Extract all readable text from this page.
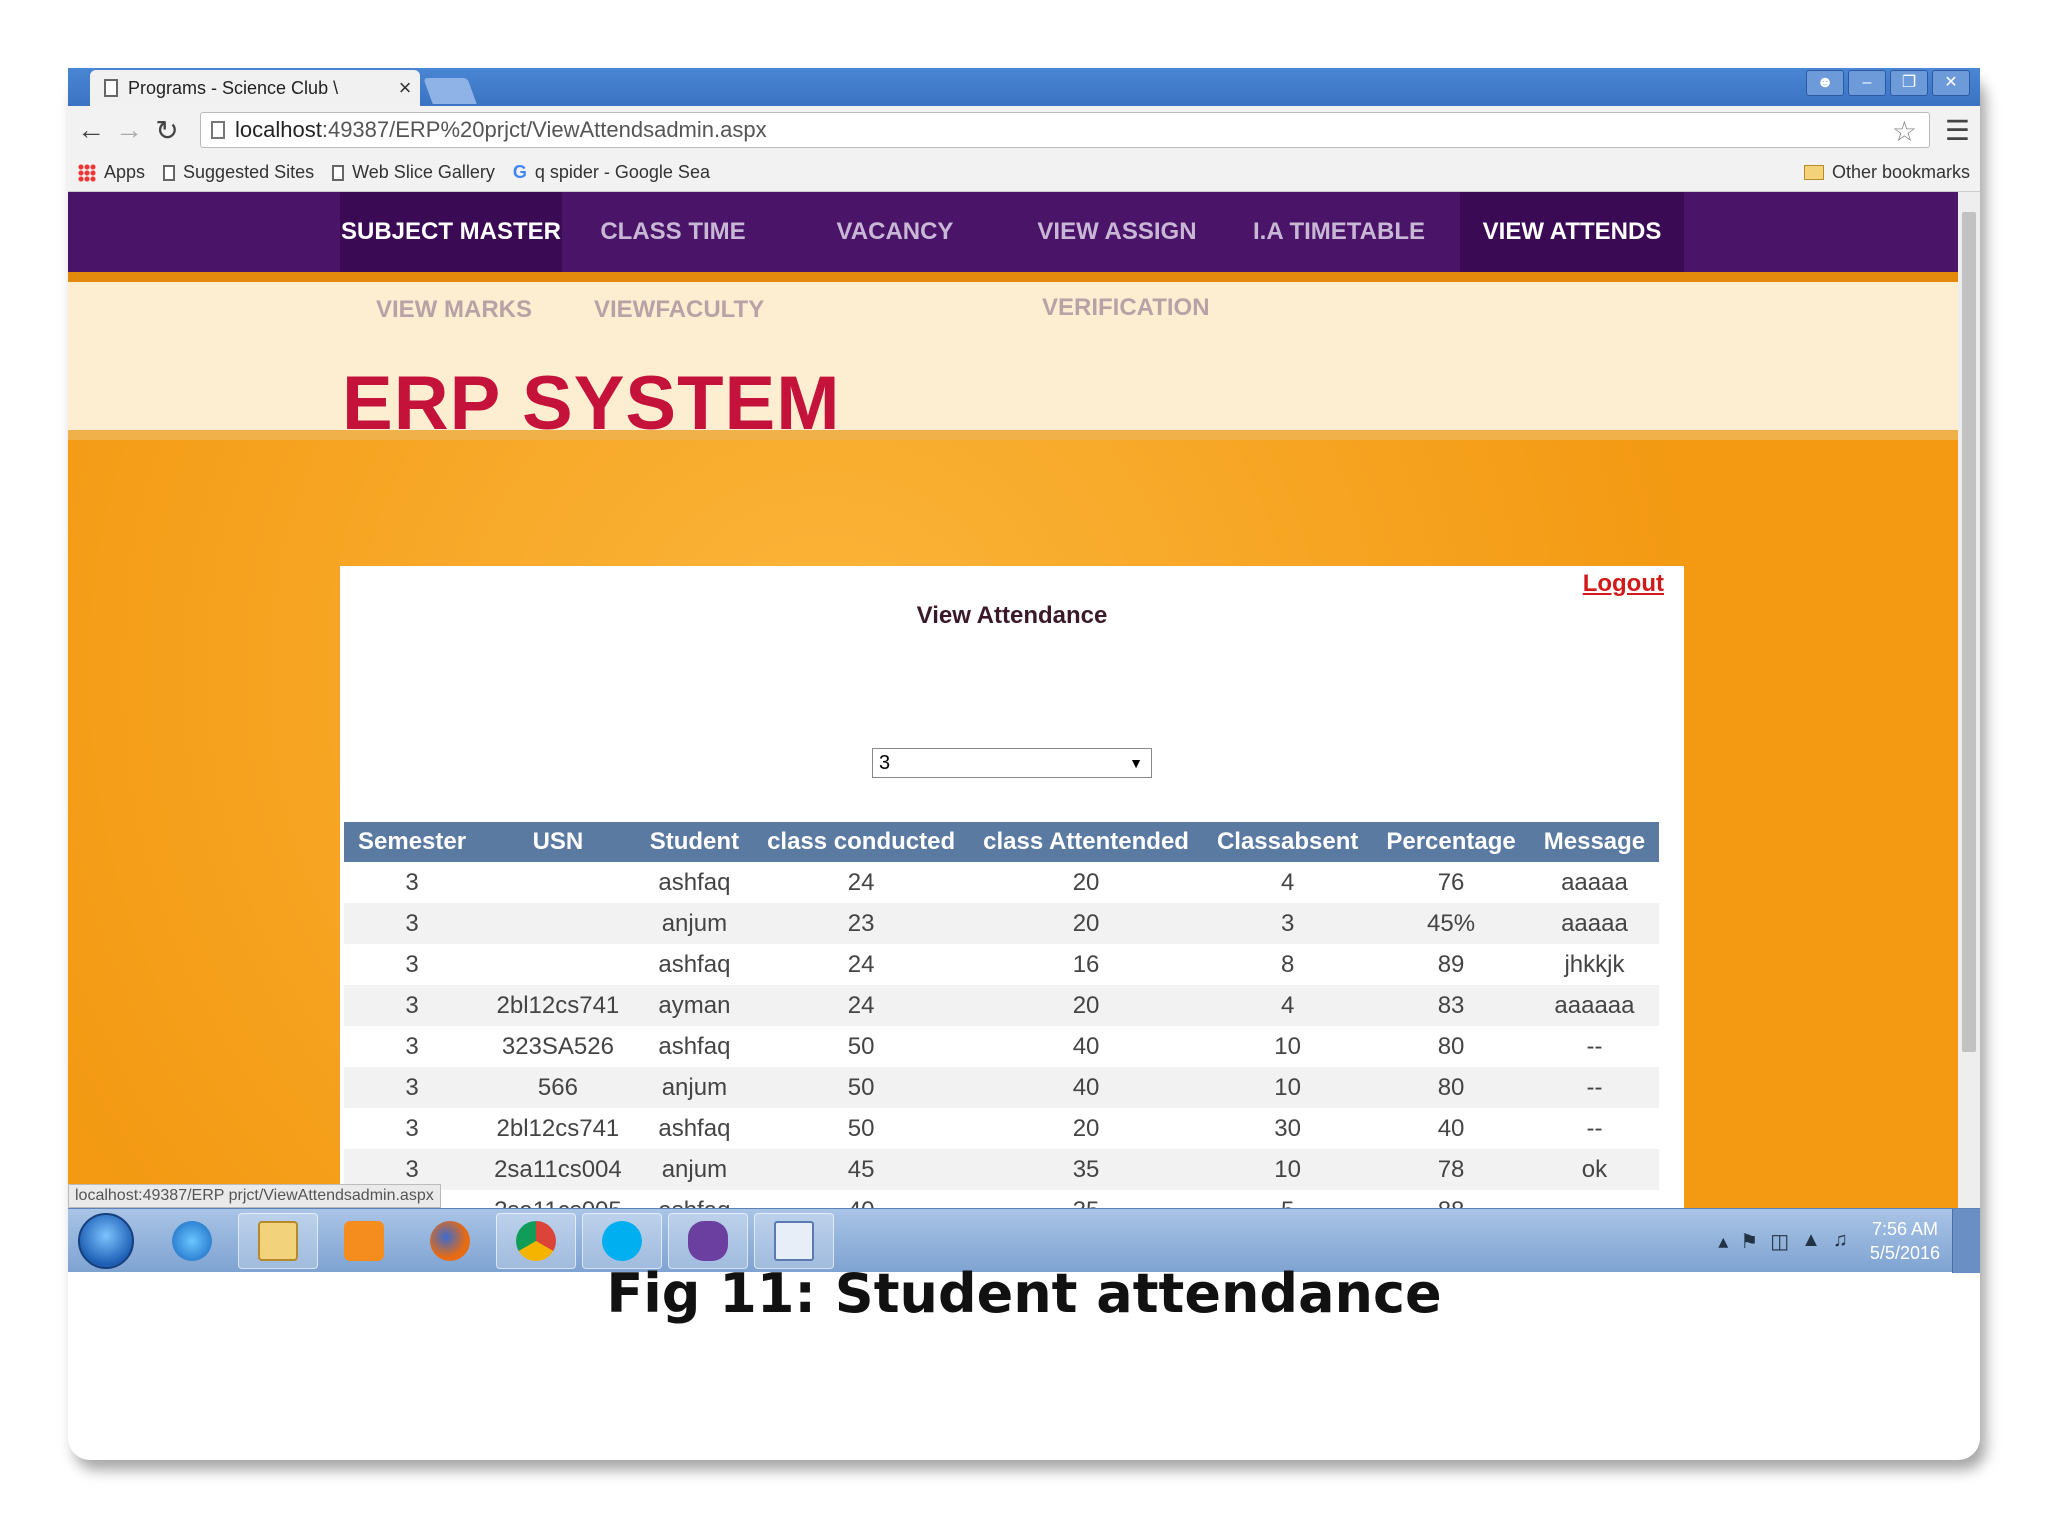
Programs - Science Club \	×	☻	–	❐	✕
← → ↻	localhost :49387/ERP%20prjct/ViewAttendsadmin.aspx	☆ ☰
Apps Suggested Sites Web Slice Gallery G q spider - Google Sea	Other bookmarks
SUBJECT MASTER	CLASS TIME	VACANCY	VIEW ASSIGN	I.A TIMETABLE	VIEW ATTENDS
VIEW MARKS	VIEWFACULTY	VERIFICATION
ERP SYSTEM
Logout
View Attendance
3	▼
Semester	USN	Student	class conducted	class Attentended	Classabsent	Percentage	Message
3		ashfaq	24	20	4	76	aaaaa
3		anjum	23	20	3	45%	aaaaa
3		ashfaq	24	16	8	89	jhkkjk
3	2bl12cs741	ayman	24	20	4	83	aaaaaa
3	323SA526	ashfaq	50	40	10	80	--
3	566	anjum	50	40	10	80	--
3	2bl12cs741	ashfaq	50	20	30	40	--
3	2sa11cs004	anjum	45	35	10	78	ok

localhost:49387/ERP prjct/ViewAttendsadmin.aspx
▴ ⚑ ◫ ▲ ♫ 7:56 AM
5/5/2016
Fig 11: Student attendance
